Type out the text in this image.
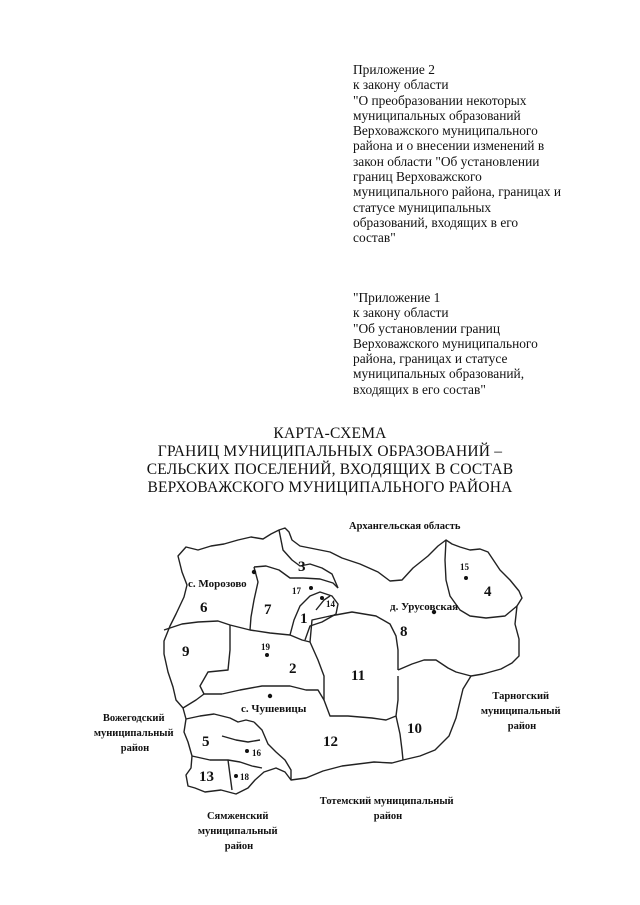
Приложение 2
к закону области
"О преобразовании некоторых
муниципальных образований
Верховажского муниципального
района и о внесении изменений в
закон области "Об установлении
границ Верховажского
муниципального района, границах и
статусе муниципальных
образований, входящих в его
состав"
"Приложение 1
к закону области
"Об установлении границ
Верховажского муниципального
района, границах и статусе
муниципальных образований,
входящих в его состав"
КАРТА-СХЕМА
ГРАНИЦ МУНИЦИПАЛЬНЫХ ОБРАЗОВАНИЙ –
СЕЛЬСКИХ ПОСЕЛЕНИЙ, ВХОДЯЩИХ В СОСТАВ
ВЕРХОВАЖСКОГО МУНИЦИПАЛЬНОГО РАЙОНА
Архангельская область
Тарногский муниципальный район
Вожегодский муниципальный район
Тотемский муниципальный район
Сямженский муниципальный район
с. Морозово
д. Урусовская
с. Чушевицы
1
2
3
4
5
6	7
8
9
10
11
12
13
14
15
16
17
18
19
